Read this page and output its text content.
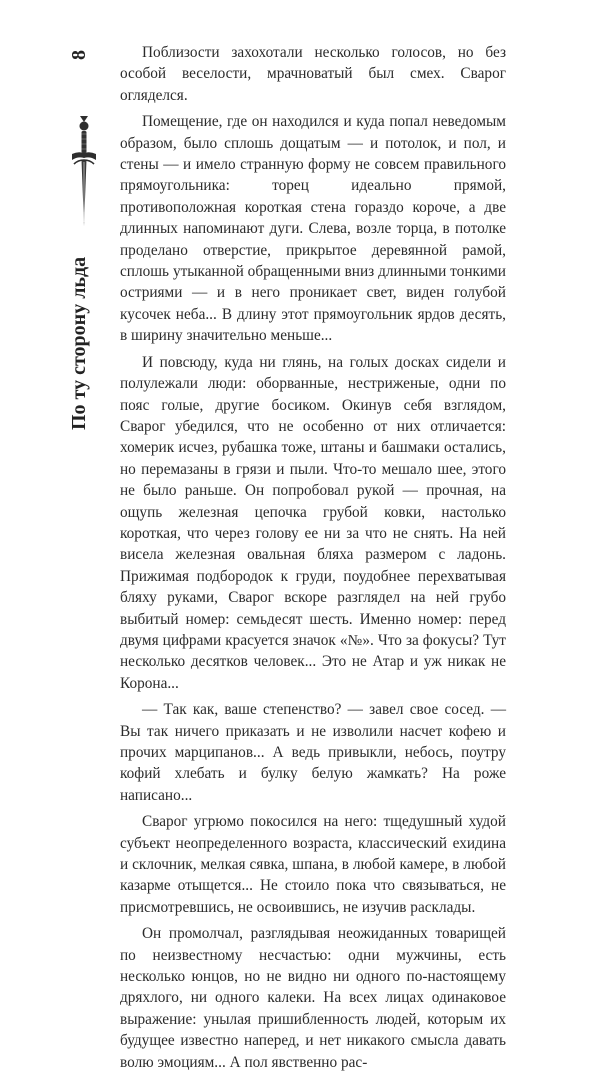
По ту сторону льда
8	Поблизости захохотали несколько голосов, но без особой веселости, мрачноватый был смех. Сварог огляделся.

Помещение, где он находился и куда попал неведомым образом, было сплошь дощатым — и потолок, и пол, и стены — и имело странную форму не совсем правильного прямоугольника: торец идеально прямой, противоположная короткая стена гораздо короче, а две длинных напоминают дуги. Слева, возле торца, в потолке проделано отверстие, прикрытое деревянной рамой, сплошь утыканной обращенными вниз длинными тонкими остриями — и в него проникает свет, виден голубой кусочек неба... В длину этот прямоугольник ярдов десять, в ширину значительно меньше...

И повсюду, куда ни глянь, на голых досках сидели и полулежали люди: оборванные, нестриженые, одни по пояс голые, другие босиком. Окинув себя взглядом, Сварог убедился, что не особенно от них отличается: хомерик исчез, рубашка тоже, штаны и башмаки остались, но перемазаны в грязи и пыли. Что-то мешало шее, этого не было раньше. Он попробовал рукой — прочная, на ощупь железная цепочка грубой ковки, настолько короткая, что через голову ее ни за что не снять. На ней висела железная овальная бляха размером с ладонь. Прижимая подбородок к груди, поудобнее перехватывая бляху руками, Сварог вскоре разглядел на ней грубо выбитый номер: семьдесят шесть. Именно номер: перед двумя цифрами красуется значок «№». Что за фокусы? Тут несколько десятков человек... Это не Атар и уж никак не Корона...

— Так как, ваше степенство? — завел свое сосед. — Вы так ничего приказать и не изволили насчет кофею и прочих марципанов... А ведь привыкли, небось, поутру кофий хлебать и булку белую жамкать? На роже написано...

Сварог угрюмо покосился на него: тщедушный худой субъект неопределенного возраста, классический ехидина и склочник, мелкая сявка, шпана, в любой камере, в любой казарме отыщется... Не стоило пока что связываться, не присмотревшись, не освоившись, не изучив расклады.

Он промолчал, разглядывая неожиданных товарищей по неизвестному несчастью: одни мужчины, есть несколько юнцов, но не видно ни одного по-настоящему дряхлого, ни одного калеки. На всех лицах одинаковое выражение: унылая пришибленность людей, которым их будущее известно наперед, и нет никакого смысла давать волю эмоциям... А пол явственно рас-
